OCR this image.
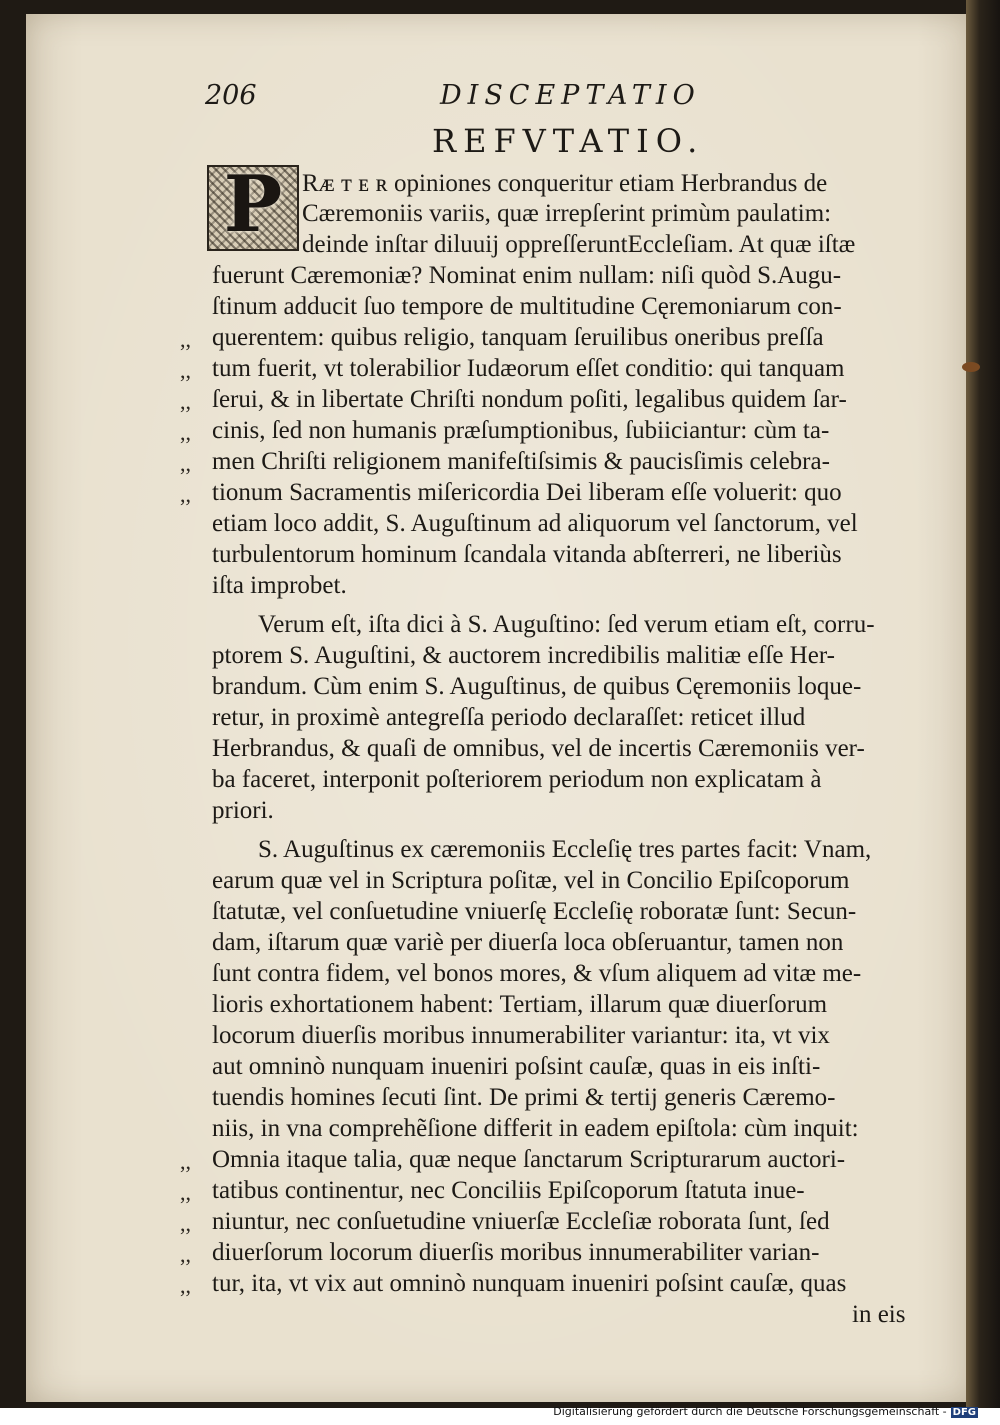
206	DISCEPTATIO
REFVTATIO.
P Rᴁ ᴛ ᴇ ʀ opiniones conqueritur etiam Herbrandus de
Cæremoniis variis, quæ irrepſerint primùm paulatim:
deinde inſtar diluuij oppreſſeruntEccleſiam. At quæ iſtæ
fuerunt Cæremoniæ? Nominat enim nullam: niſi quòd S.Augu-
ſtinum adducit ſuo tempore de multitudine Cęremoniarum con-
querentem: quibus religio, tanquam ſeruilibus oneribus preſſa
tum fuerit, vt tolerabilior Iudæorum eſſet conditio: qui tanquam
ſerui, & in libertate Chriſti nondum poſiti, legalibus quidem ſar-
cinis, ſed non humanis præſumptionibus, ſubiiciantur: cùm ta-
men Chriſti religionem manifeſtiſsimis & paucisſimis celebra-
tionum Sacramentis miſericordia Dei liberam eſſe voluerit: quo
etiam loco addit, S. Auguſtinum ad aliquorum vel ſanctorum, vel
turbulentorum hominum ſcandala vitanda abſterreri, ne liberiùs
iſta improbet.
Verum eſt, iſta dici à S. Auguſtino: ſed verum etiam eſt, corru-
ptorem S. Auguſtini, & auctorem incredibilis malitiæ eſſe Her-
brandum. Cùm enim S. Auguſtinus, de quibus Cęremoniis loque-
retur, in proximè antegreſſa periodo declaraſſet: reticet illud
Herbrandus, & quaſi de omnibus, vel de incertis Cæremoniis ver-
ba faceret, interponit poſteriorem periodum non explicatam à
priori.
S. Auguſtinus ex cæremoniis Eccleſię tres partes facit: Vnam,
earum quæ vel in Scriptura poſitæ, vel in Concilio Epiſcoporum
ſtatutæ, vel conſuetudine vniuerſę Eccleſię roboratæ ſunt: Secun-
dam, iſtarum quæ variè per diuerſa loca obſeruantur, tamen non
ſunt contra fidem, vel bonos mores, & vſum aliquem ad vitæ me-
lioris exhortationem habent: Tertiam, illarum quæ diuerſorum
locorum diuerſis moribus innumerabiliter variantur: ita, vt vix
aut omninò nunquam inueniri poſsint cauſæ, quas in eis inſti-
tuendis homines ſecuti ſint. De primi & tertij generis Cæremo-
niis, in vna comprehẽſione differit in eadem epiſtola: cùm inquit:
Omnia itaque talia, quæ neque ſanctarum Scripturarum auctori-
tatibus continentur, nec Conciliis Epiſcoporum ſtatuta inue-
niuntur, nec conſuetudine vniuerſæ Eccleſiæ roborata ſunt, ſed
diuerſorum locorum diuerſis moribus innumerabiliter varian-
tur, ita, vt vix aut omninò nunquam inueniri poſsint cauſæ, quas
in eis
,,
,,
,,
,,
,,
,,
,,
,,
,,
,,
,,
Digitalisierung gefördert durch die Deutsche Forschungsgemeinschaft - DFG
